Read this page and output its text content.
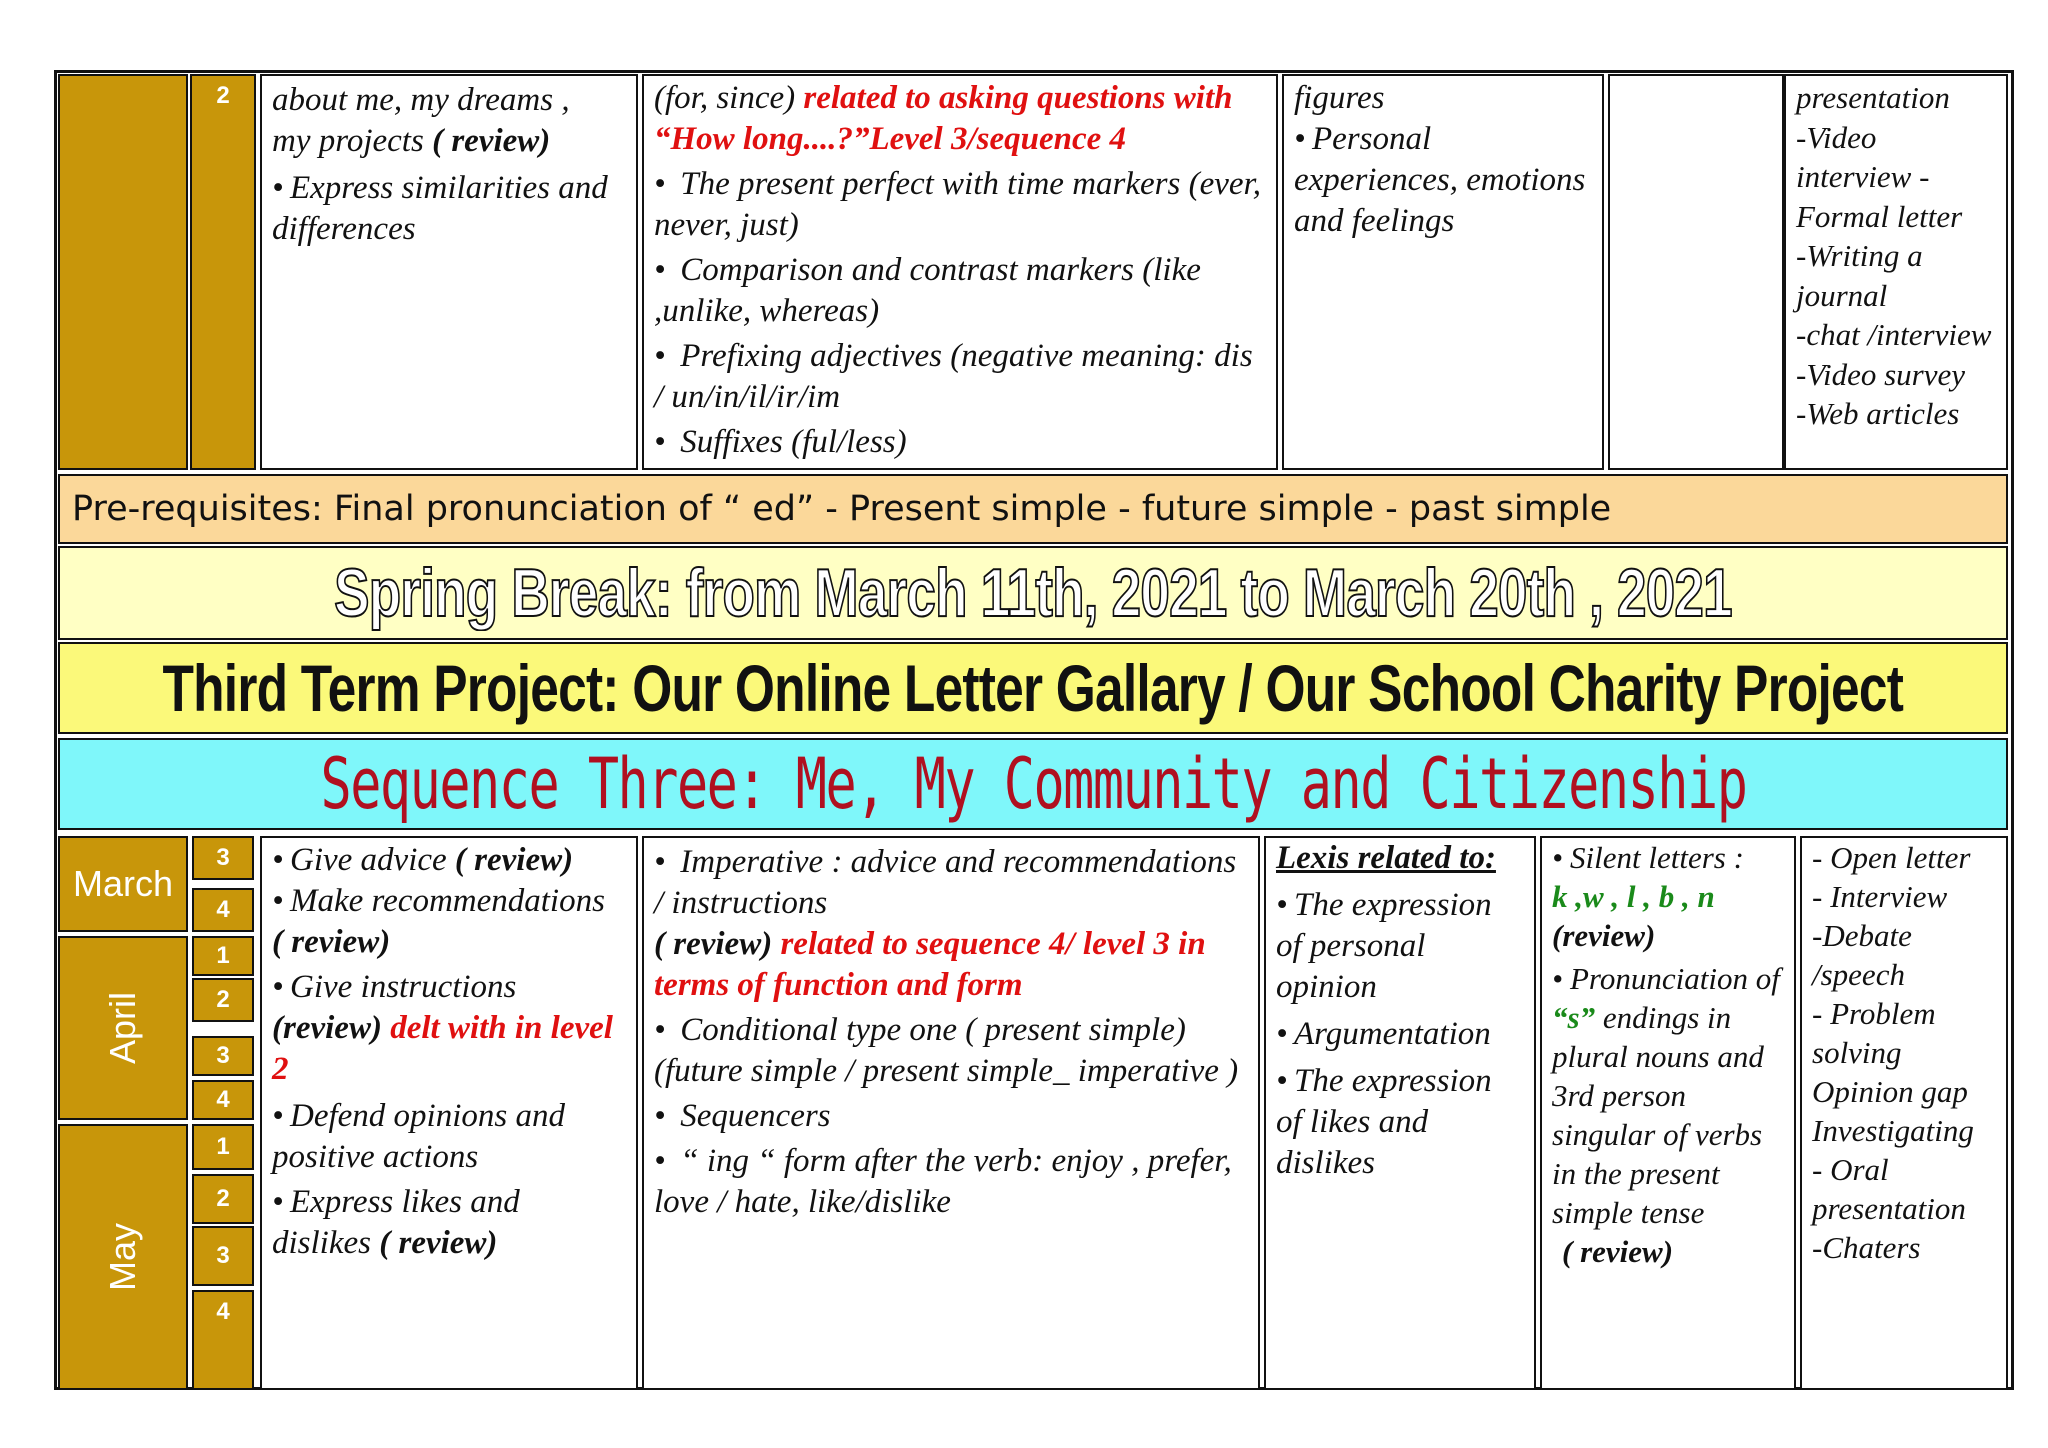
2	about me, my dreams ,

my projects ( review)

• Express similarities and differences

(for, since) related to asking questions with “How long....?”Level 3/sequence 4

• The present perfect with time markers (ever, never, just)

• Comparison and contrast markers (like ,unlike, whereas)

• Prefixing adjectives (negative meaning: dis / un/in/il/ir/im

• Suffixes (ful/less)

figures

• Personal experiences, emotions and feelings

presentation

-Video interview -

Formal letter

-Writing a journal

-chat /interview

-Video survey

-Web articles

Pre-requisites: Final pronunciation of “ ed” - Present simple - future simple - past simple
Spring Break: from March 11th, 2021 to March 20th , 2021
Third Term Project: Our Online Letter Gallary / Our School Charity Project
Sequence Three: Me, My Community and Citizenship
March
April
May
3
4
1
2
3
4
1
2
3
4

• Give advice ( review)

• Make recommendations

( review)

• Give instructions

(review) delt with in level 2

• Defend opinions and positive actions

• Express likes and dislikes ( review)

• Imperative : advice and recommendations / instructions

( review) related to sequence 4/ level 3 in terms of function and form

• Conditional type one ( present simple) (future simple / present simple_ imperative )

• Sequencers

• “ ing “ form after the verb: enjoy , prefer, love / hate, like/dislike

Lexis related to:

• The expression of personal opinion

• Argumentation

• The expression of likes and dislikes

• Silent letters :

k ,w , l , b , n

(review)

• Pronunciation of “s” endings in plural nouns and 3rd person singular of verbs in the present simple tense

( review)

- Open letter

- Interview

-Debate

/speech

- Problem

solving

Opinion gap

Investigating

- Oral

presentation

-Chaters
